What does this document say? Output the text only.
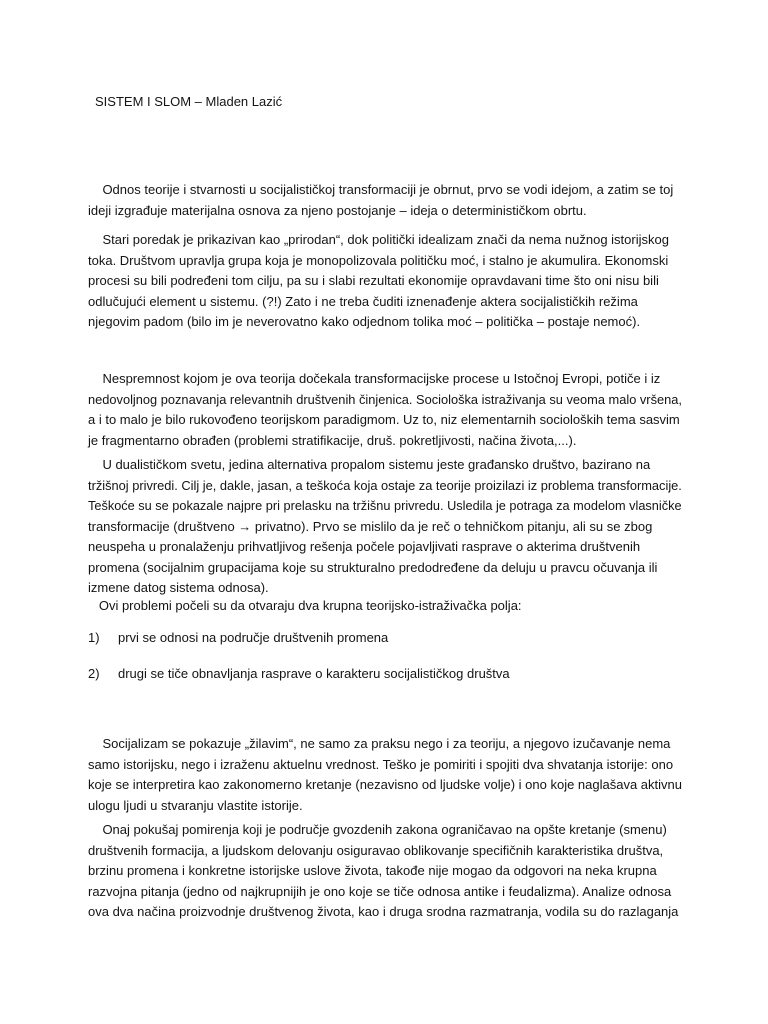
SISTEM I SLOM – Mladen Lazić
Odnos teorije i stvarnosti u socijalističkoj transformaciji je obrnut, prvo se vodi idejom, a zatim se toj
ideji izgrađuje materijalna osnova za njeno postojanje – ideja o determinističkom obrtu.
Stari poredak je prikazivan kao „prirodan“, dok politički idealizam znači da nema nužnog istorijskog
toka. Društvom upravlja grupa koja je monopolizovala političku moć, i stalno je akumulira. Ekonomski
procesi su bili podređeni tom cilju, pa su i slabi rezultati ekonomije opravdavani time što oni nisu bili
odlučujući element u sistemu. (?!) Zato i ne treba čuditi iznenađenje aktera socijalističkih režima
njegovim padom (bilo im je neverovatno kako odjednom tolika moć – politička – postaje nemoć).
Nespremnost kojom je ova teorija dočekala transformacijske procese u Istočnoj Evropi, potiče i iz
nedovoljnog poznavanja relevantnih društvenih činjenica. Sociološka istraživanja su veoma malo vršena,
a i to malo je bilo rukovođeno teorijskom paradigmom. Uz to, niz elementarnih socioloških tema sasvim
je fragmentarno obrađen (problemi stratifikacije, druš. pokretljivosti, načina života,...).
U dualističkom svetu, jedina alternativa propalom sistemu jeste građansko društvo, bazirano na
tržišnoj privredi. Cilj je, dakle, jasan, a teškoća koja ostaje za teorije proizilazi iz problema transformacije.
Teškoće su se pokazale najpre pri prelasku na tržišnu privredu. Usledila je potraga za modelom vlasničke
transformacije (društveno → privatno). Prvo se mislilo da je reč o tehničkom pitanju, ali su se zbog
neuspeha u pronalaženju prihvatljivog rešenja počele pojavljivati rasprave o akterima društvenih
promena (socijalnim grupacijama koje su strukturalno predodređene da deluju u pravcu očuvanja ili
izmene datog sistema odnosa).
Ovi problemi počeli su da otvaraju dva krupna teorijsko-istraživačka polja:
1) prvi se odnosi na područje društvenih promena
2) drugi se tiče obnavljanja rasprave o karakteru socijalističkog društva
Socijalizam se pokazuje „žilavim“, ne samo za praksu nego i za teoriju, a njegovo izučavanje nema
samo istorijsku, nego i izraženu aktuelnu vrednost. Teško je pomiriti i spojiti dva shvatanja istorije: ono
koje se interpretira kao zakonomerno kretanje (nezavisno od ljudske volje) i ono koje naglašava aktivnu
ulogu ljudi u stvaranju vlastite istorije.
Onaj pokušaj pomirenja koji je područje gvozdenih zakona ograničavao na opšte kretanje (smenu)
društvenih formacija, a ljudskom delovanju osiguravao oblikovanje specifičnih karakteristika društva,
brzinu promena i konkretne istorijske uslove života, takođe nije mogao da odgovori na neka krupna
razvojna pitanja (jedno od najkrupnijih je ono koje se tiče odnosa antike i feudalizma). Analize odnosa
ova dva načina proizvodnje društvenog života, kao i druga srodna razmatranja, vodila su do razlaganja
